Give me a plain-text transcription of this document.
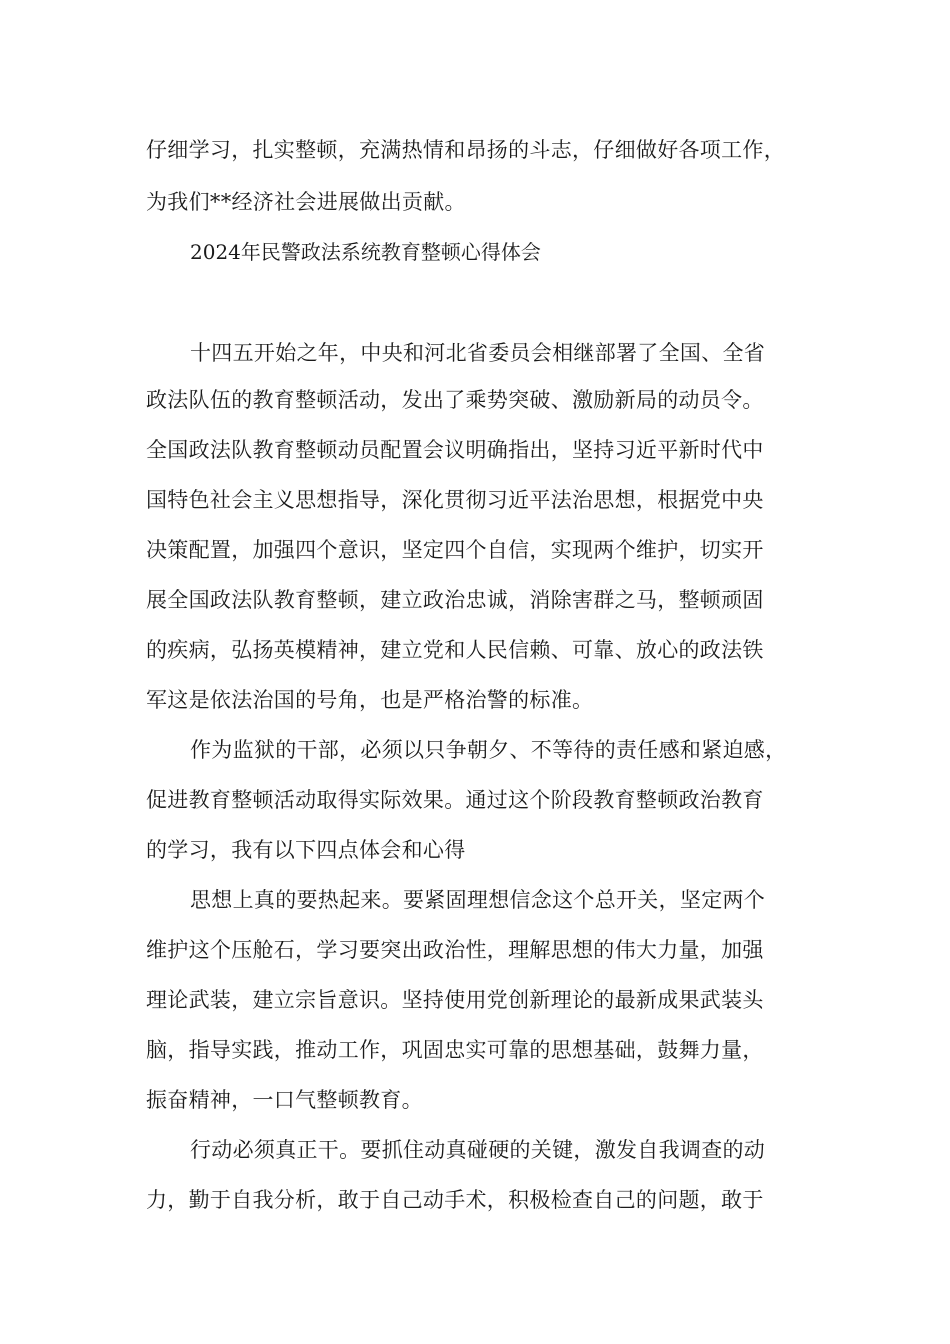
仔细学习，扎实整顿，充满热情和昂扬的斗志，仔细做好各项工作，
为我们**经济社会进展做出贡献。
2024年民警政法系统教育整顿心得体会
十四五开始之年，中央和河北省委员会相继部署了全国、全省
政法队伍的教育整顿活动，发出了乘势突破、激励新局的动员令。
全国政法队教育整顿动员配置会议明确指出，坚持习近平新时代中
国特色社会主义思想指导，深化贯彻习近平法治思想，根据党中央
决策配置，加强四个意识，坚定四个自信，实现两个维护，切实开
展全国政法队教育整顿，建立政治忠诚，消除害群之马，整顿顽固
的疾病，弘扬英模精神，建立党和人民信赖、可靠、放心的政法铁
军这是依法治国的号角，也是严格治警的标准。
作为监狱的干部，必须以只争朝夕、不等待的责任感和紧迫感，
促进教育整顿活动取得实际效果。通过这个阶段教育整顿政治教育
的学习，我有以下四点体会和心得
思想上真的要热起来。要紧固理想信念这个总开关，坚定两个
维护这个压舱石，学习要突出政治性，理解思想的伟大力量，加强
理论武装，建立宗旨意识。坚持使用党创新理论的最新成果武装头
脑，指导实践，推动工作，巩固忠实可靠的思想基础，鼓舞力量，
振奋精神，一口气整顿教育。
行动必须真正干。要抓住动真碰硬的关键，激发自我调查的动
力，勤于自我分析，敢于自己动手术，积极检查自己的问题，敢于
